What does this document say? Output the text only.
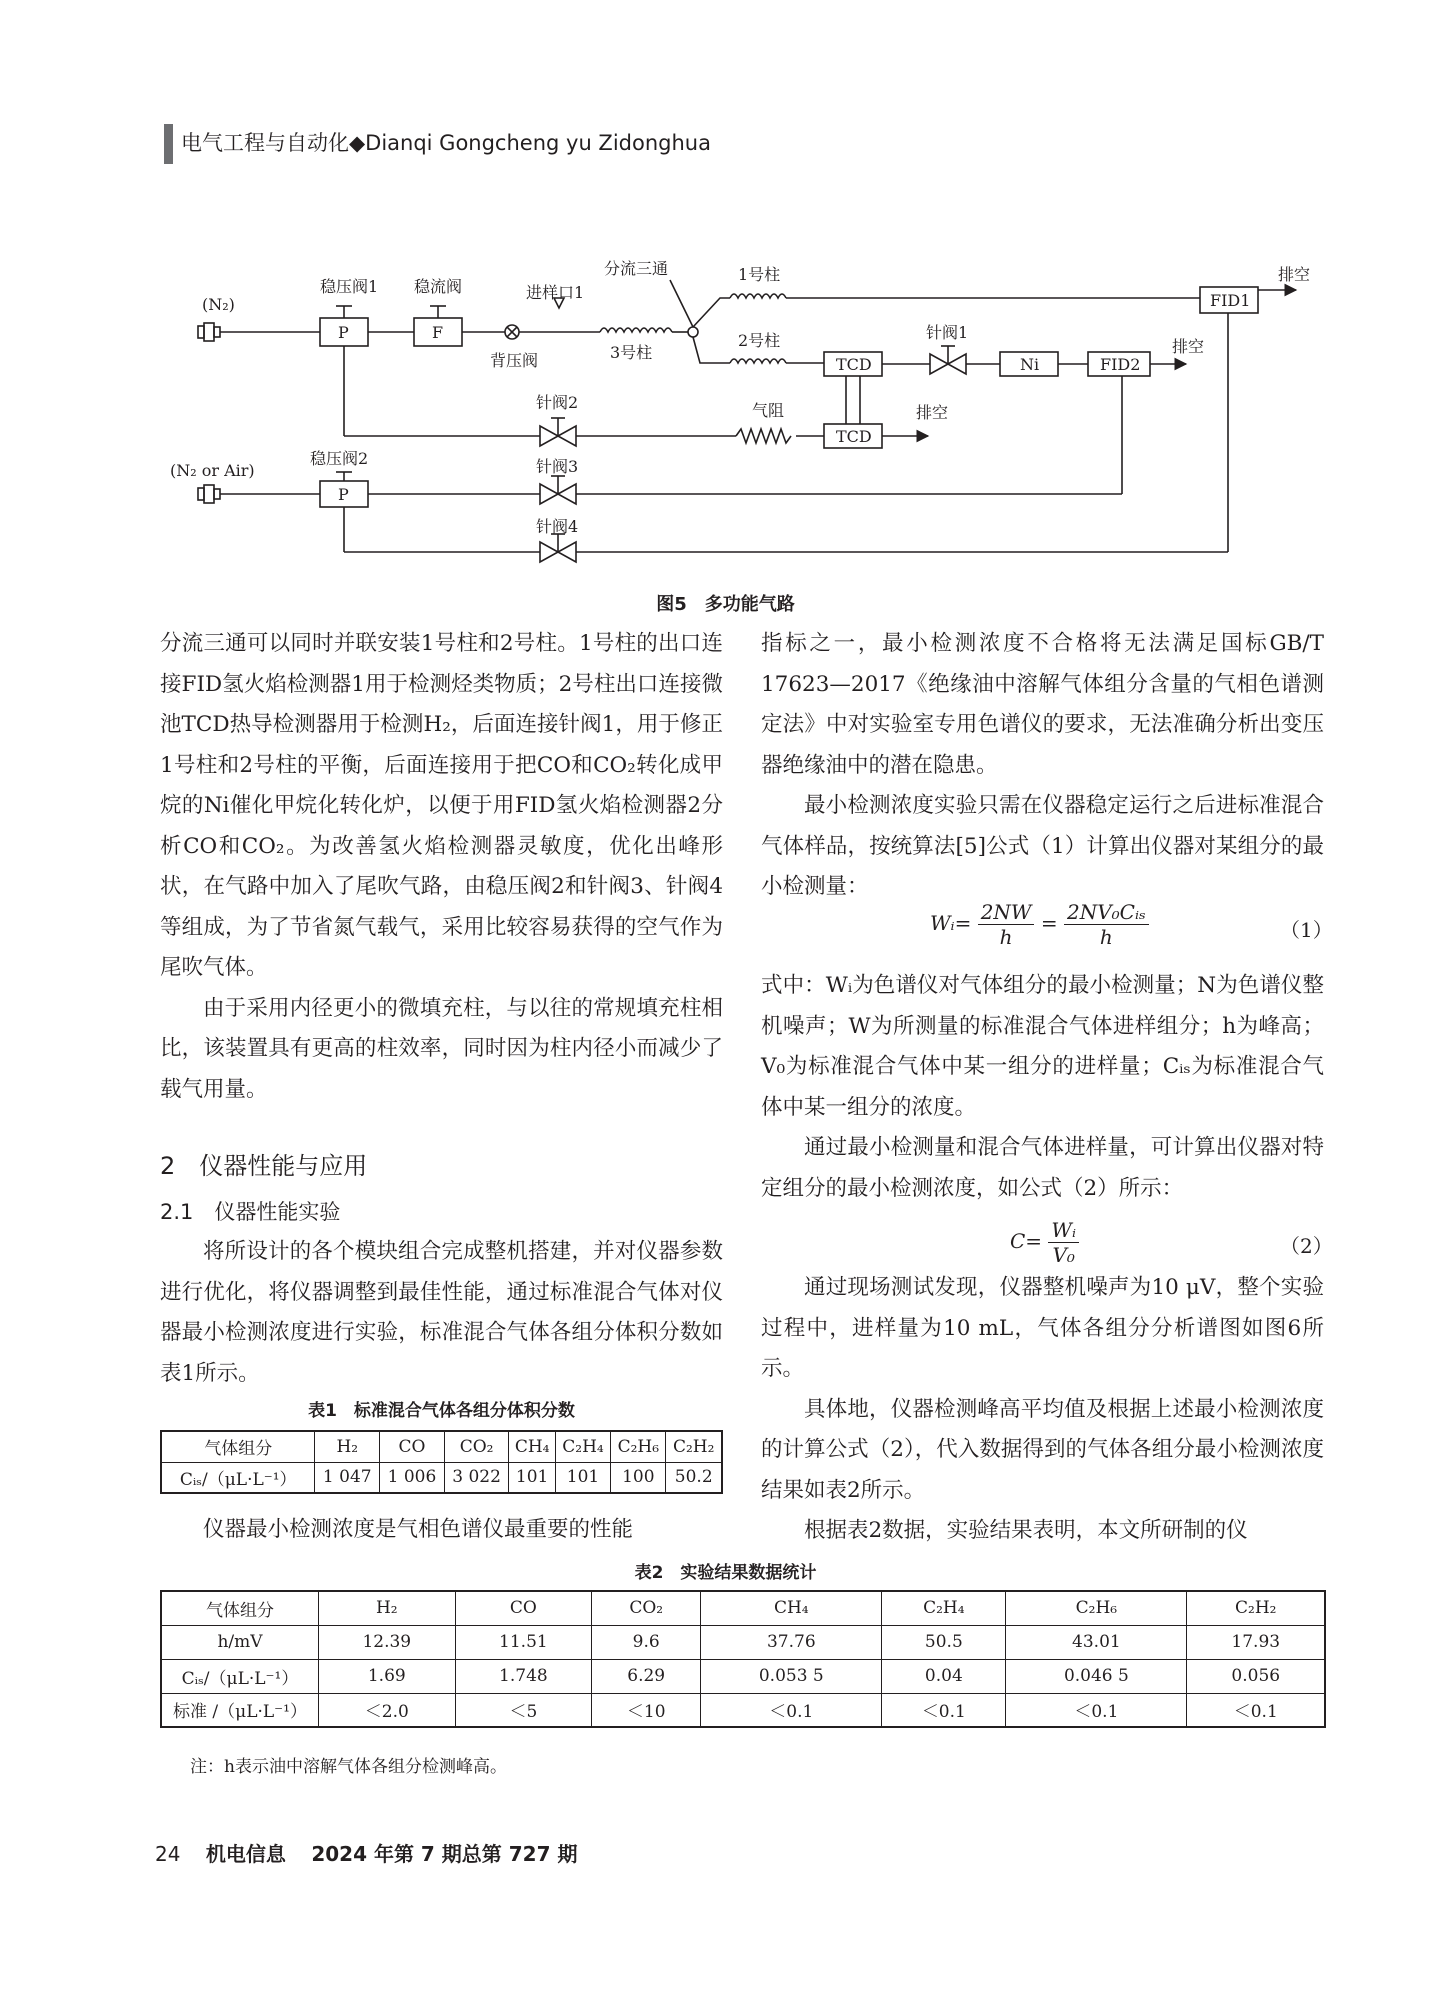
电气工程与自动化◆Dianqi Gongcheng yu Zidonghua
(N₂)
(N₂ or Air)
稳压阀1 稳流阀
背压阀
进样口1
3号柱
分流三通	1号柱
2号柱	针阀1
针阀2
针阀3
针阀4
稳压阀2
气阻
排空
排空
排空
P	F
P
TCD
TCD
Ni	FID2
FID1
图5　多功能气路

分流三通可以同时并联安装1号柱和2号柱。1号柱的出口连接FID氢火焰检测器1用于检测烃类物质；2号柱出口连接微池TCD热导检测器用于检测H₂，后面连接针阀1，用于修正1号柱和2号柱的平衡，后面连接用于把CO和CO₂转化成甲烷的Ni催化甲烷化转化炉，以便于用FID氢火焰检测器2分析CO和CO₂。为改善氢火焰检测器灵敏度，优化出峰形状，在气路中加入了尾吹气路，由稳压阀2和针阀3、针阀4等组成，为了节省氮气载气，采用比较容易获得的空气作为尾吹气体。

由于采用内径更小的微填充柱，与以往的常规填充柱相比，该装置具有更高的柱效率，同时因为柱内径小而减少了载气用量。

2　仪器性能与应用
2.1　仪器性能实验

将所设计的各个模块组合完成整机搭建，并对仪器参数进行优化，将仪器调整到最佳性能，通过标准混合气体对仪器最小检测浓度进行实验，标准混合气体各组分体积分数如表1所示。

表1　标准混合气体各组分体积分数
气体组分	H₂	CO	CO₂	CH₄	C₂H₄	C₂H₆	C₂H₂
Cᵢₛ/（μL·L⁻¹）	1 047	1 006	3 022	101	101	100	50.2

仪器最小检测浓度是气相色谱仪最重要的性能

指标之一，最小检测浓度不合格将无法满足国标GB/T 17623—2017《绝缘油中溶解气体组分含量的气相色谱测定法》中对实验室专用色谱仪的要求，无法准确分析出变压器绝缘油中的潜在隐患。

最小检测浓度实验只需在仪器稳定运行之后进标准混合气体样品，按统算法[5]公式（1）计算出仪器对某组分的最小检测量：

Wᵢ= $\frac{2NW}{h} = \frac{\text{2NV₀Cᵢₛ}}{h}$	（1）

式中：Wᵢ为色谱仪对气体组分的最小检测量；N为色谱仪整机噪声；W为所测量的标准混合气体进样组分；h为峰高；V₀为标准混合气体中某一组分的进样量；Cᵢₛ为标准混合气体中某一组分的浓度。

通过最小检测量和混合气体进样量，可计算出仪器对特定组分的最小检测浓度，如公式（2）所示：

$C= \frac{\text{Wᵢ}}{\text{V₀}}$	（2）

通过现场测试发现，仪器整机噪声为10 μV，整个实验过程中，进样量为10 mL，气体各组分分析谱图如图6所示。

具体地，仪器检测峰高平均值及根据上述最小检测浓度的计算公式（2），代入数据得到的气体各组分最小检测浓度结果如表2所示。

根据表2数据，实验结果表明，本文所研制的仪

表2　实验结果数据统计
气体组分	H₂	CO	CO₂	CH₄	C₂H₄	C₂H₆	C₂H₂
h/mV	12.39	11.51	9.6	37.76	50.5	43.01	17.93
Cᵢₛ/（μL·L⁻¹）	1.69	1.748	6.29	0.053 5	0.04	0.046 5	0.056
标准 /（μL·L⁻¹）	＜2.0	＜5	＜10	＜0.1	＜0.1	＜0.1	＜0.1
注：h表示油中溶解气体各组分检测峰高。
24 机电信息 2024 年第 7 期总第 727 期
